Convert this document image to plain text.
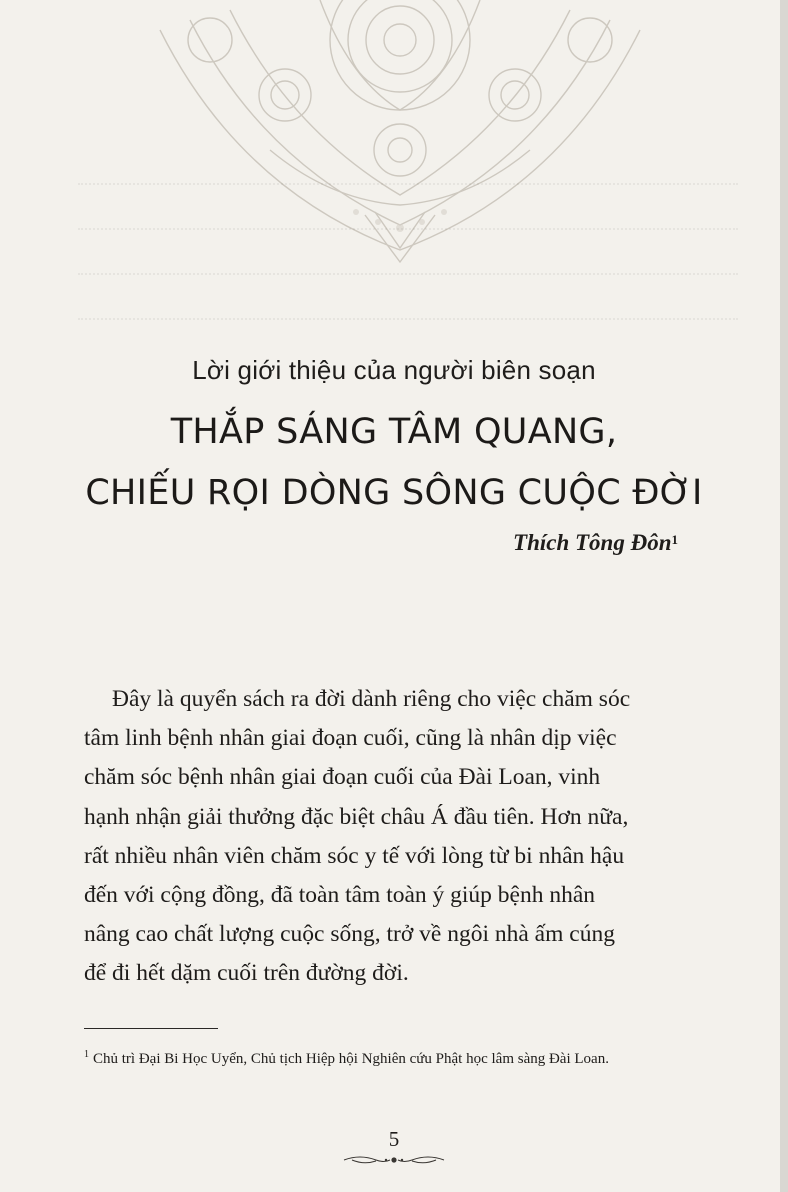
Lời giới thiệu của người biên soạn
THẮP SÁNG TÂM QUANG,
CHIẾU RỌI DÒNG SÔNG CUỘC ĐỜI
Thích Tông Đôn$^1$
Đây là quyển sách ra đời dành riêng cho việc chăm sóc
tâm linh bệnh nhân giai đoạn cuối, cũng là nhân dịp việc
chăm sóc bệnh nhân giai đoạn cuối của Đài Loan, vinh
hạnh nhận giải thưởng đặc biệt châu Á đầu tiên. Hơn nữa,
rất nhiều nhân viên chăm sóc y tế với lòng từ bi nhân hậu
đến với cộng đồng, đã toàn tâm toàn ý giúp bệnh nhân
nâng cao chất lượng cuộc sống, trở về ngôi nhà ấm cúng
để đi hết dặm cuối trên đường đời.
$^1$ Chủ trì Đại Bi Học Uyển, Chủ tịch Hiệp hội Nghiên cứu Phật học lâm sàng Đài Loan.
5
